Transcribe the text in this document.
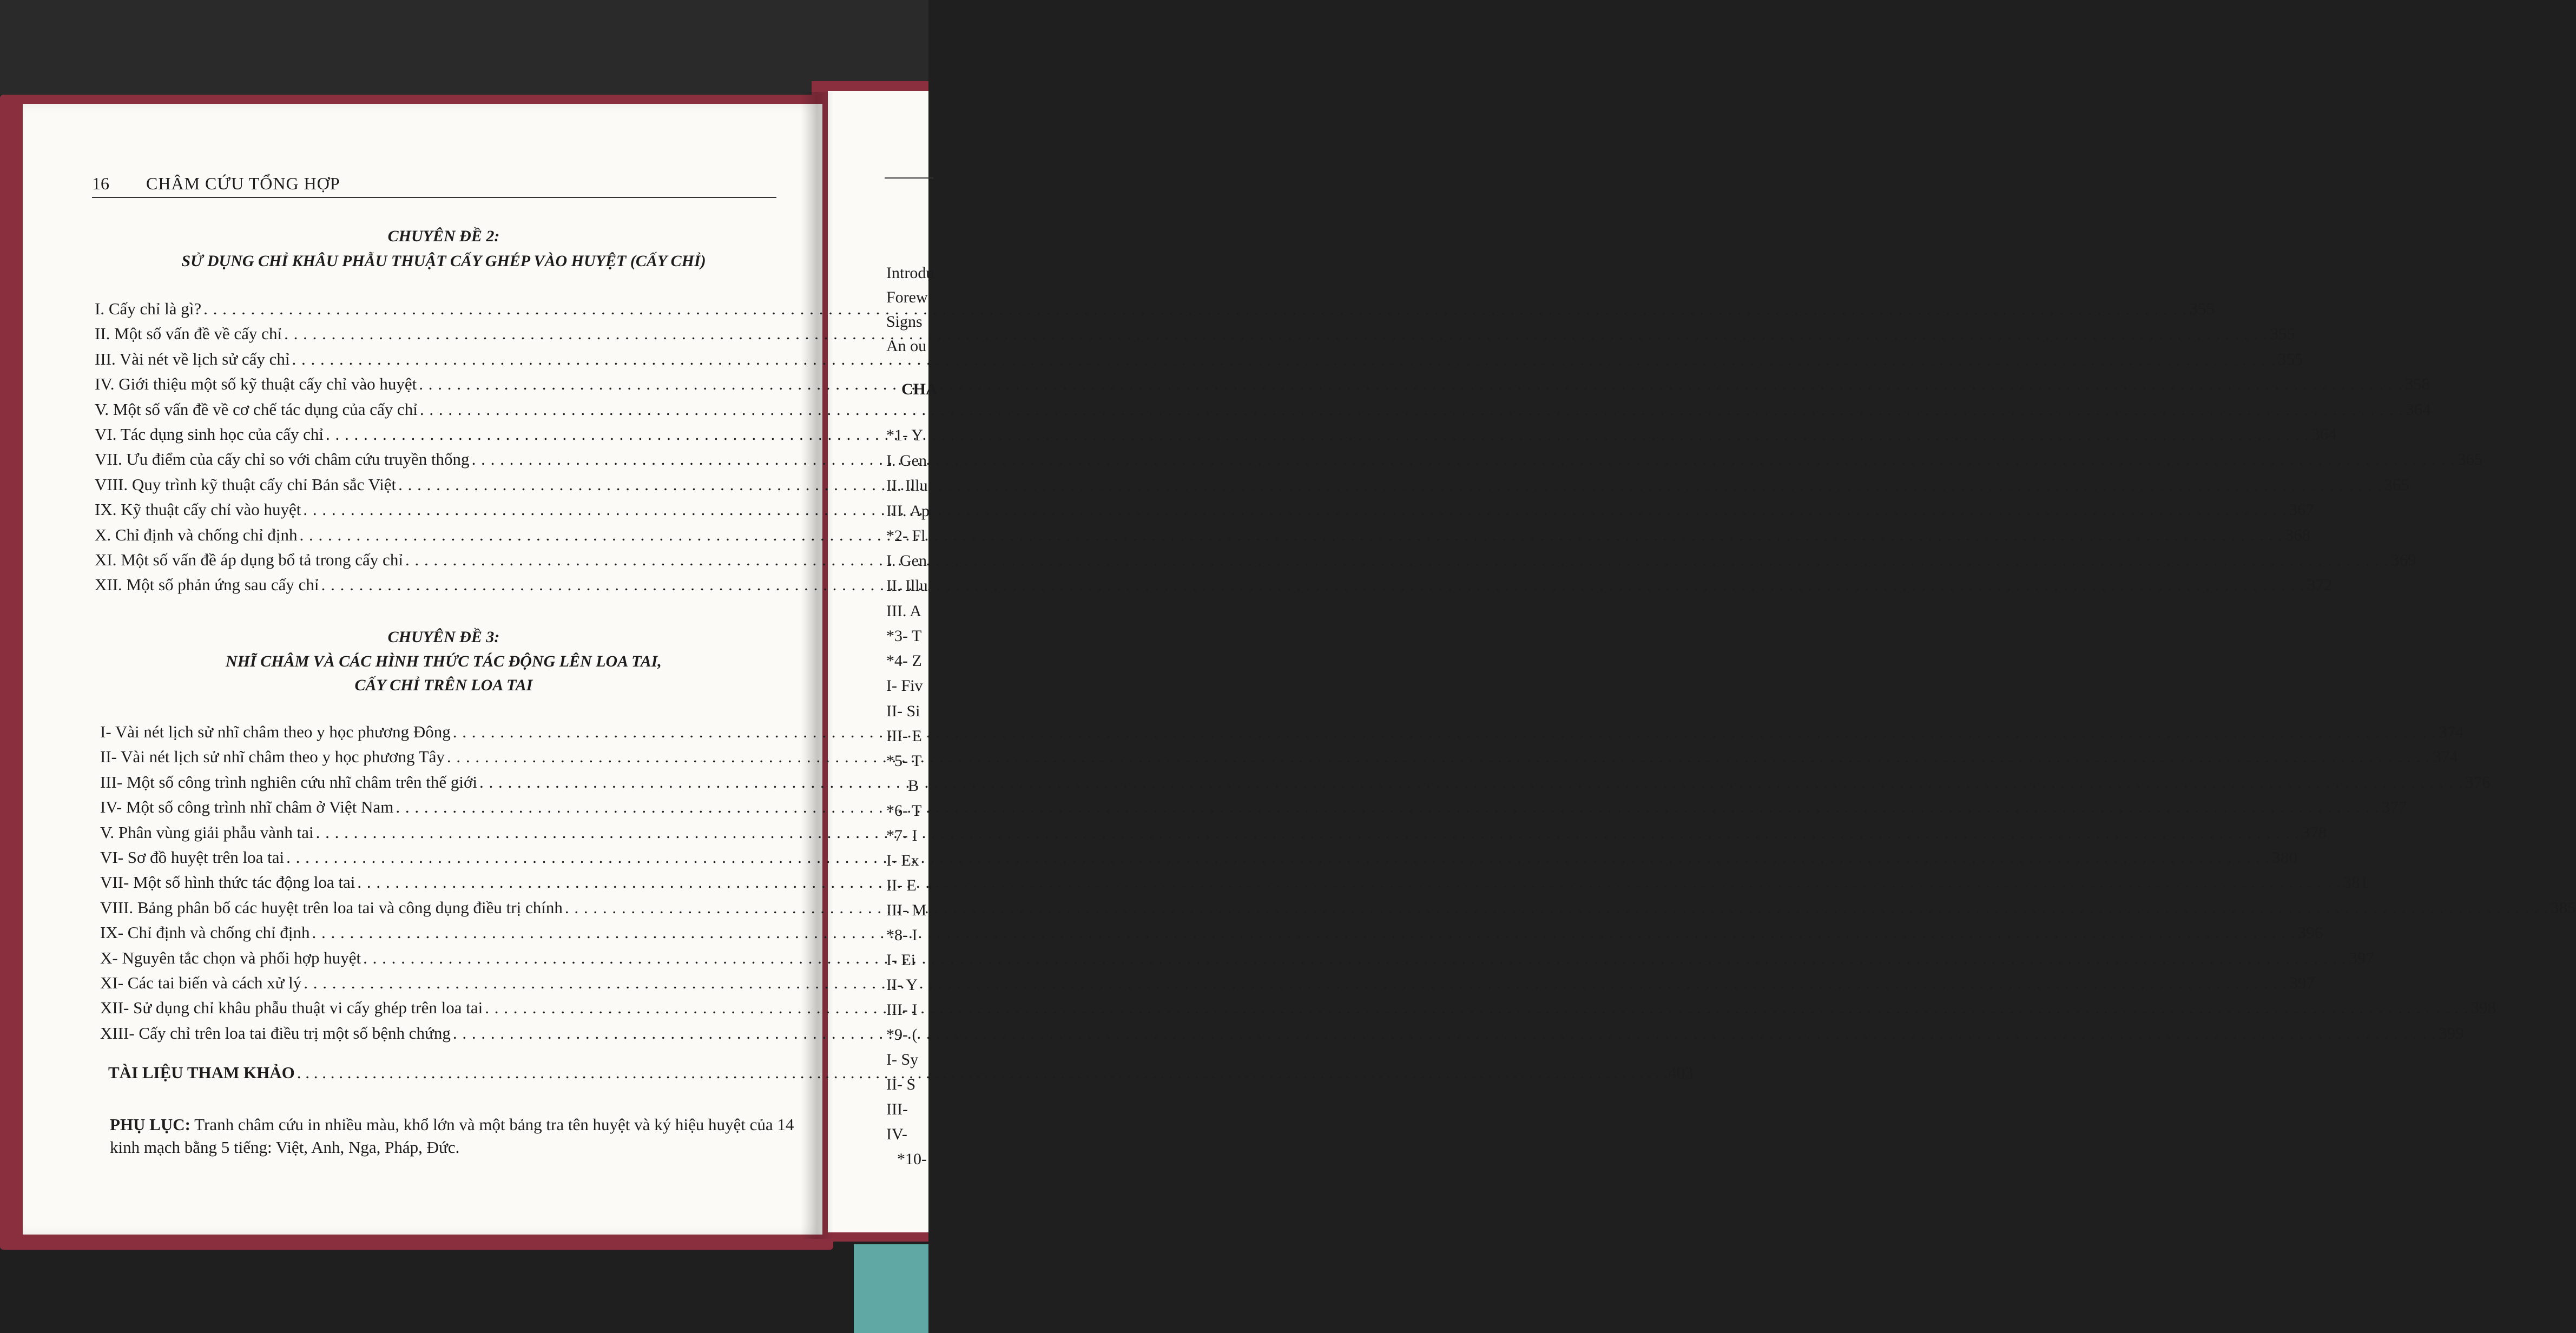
Introdu
Forew
Signs
An ou
CHA
*1- Y
I. Gen
II. Illu
III. Ap
*2- Fl
I. Gen
II. Illu
III. A
*3- T
*4- Z
I- Fiv
II- Si
III- E
*5- T
B
*6- T
*7- I
I- Ex
II- E
III- M
*8- I
I- Ei
II- Y
III- I
*9- (
I- Sy
II- S
III-
IV-
*10-
16 CHÂM CỨU TỔNG HỢP
CHUYÊN ĐỀ 2:
SỬ DỤNG CHỈ KHÂU PHẪU THUẬT CẤY GHÉP VÀO HUYỆT (CẤY CHỈ)
I. Cấy chỉ là gì? . . .	355
II. Một số vấn đề về cấy chỉ . . .	355
III. Vài nét về lịch sử cấy chỉ . . .	355
IV. Giới thiệu một số kỹ thuật cấy chỉ vào huyệt . . .	358
V. Một số vấn đề về cơ chế tác dụng của cấy chỉ . . .	364
VI. Tác dụng sinh học của cấy chỉ . . .	364
VII. Ưu điểm của cấy chỉ so với châm cứu truyền thống . . .	365
VIII. Quy trình kỹ thuật cấy chỉ Bản sắc Việt . . .	365
IX. Kỹ thuật cấy chỉ vào huyệt . . .	367
X. Chỉ định và chống chỉ định . . .	368
XI. Một số vấn đề áp dụng bổ tả trong cấy chỉ . . .	369
XII. Một số phản ứng sau cấy chỉ . . .	372
CHUYÊN ĐỀ 3:
NHĨ CHÂM VÀ CÁC HÌNH THỨC TÁC ĐỘNG LÊN LOA TAI,
CẤY CHỈ TRÊN LOA TAI
I- Vài nét lịch sử nhĩ châm theo y học phương Đông . . .	374
II- Vài nét lịch sử nhĩ châm theo y học phương Tây . . .	374
III- Một số công trình nghiên cứu nhĩ châm trên thế giới . . .	376
IV- Một số công trình nhĩ châm ở Việt Nam . . .	377
V. Phân vùng giải phẫu vành tai . . .	378
VI- Sơ đồ huyệt trên loa tai . . .	380
VII- Một số hình thức tác động loa tai . . .	381
VIII. Bảng phân bố các huyệt trên loa tai và công dụng điều trị chính . . .	385
IX- Chỉ định và chống chỉ định . . .	396
X- Nguyên tắc chọn và phối hợp huyệt . . .	397
XI- Các tai biến và cách xử lý . . .	397
XII- Sử dụng chỉ khâu phẫu thuật vi cấy ghép trên loa tai . . .	398
XIII- Cấy chỉ trên loa tai điều trị một số bệnh chứng . . .	399
TÀI LIỆU THAM KHẢO . . .	403
PHỤ LỤC: Tranh châm cứu in nhiều màu, khổ lớn và một bảng tra tên huyệt và ký hiệu huyệt của 14 kinh mạch bằng 5 tiếng: Việt, Anh, Nga, Pháp, Đức.
